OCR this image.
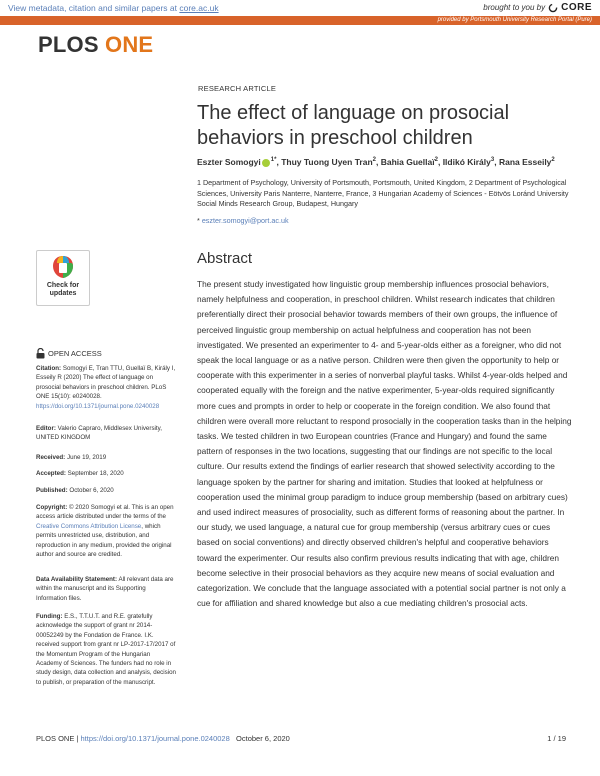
View metadata, citation and similar papers at core.ac.uk	brought to you by CORE
provided by Portsmouth University Research Portal (Pure)
PLOS ONE
RESEARCH ARTICLE
The effect of language on prosocial behaviors in preschool children
Eszter Somogyi $^{1*}$, Thuy Tuong Uyen Tran$^2$, Bahia Guellaï$^2$, Ildikó Király$^3$, Rana Esseily$^2$
1 Department of Psychology, University of Portsmouth, Portsmouth, United Kingdom, 2 Department of Psychological Sciences, University Paris Nanterre, Nanterre, France, 3 Hungarian Academy of Sciences - Eötvös Loránd University Social Minds Research Group, Budapest, Hungary
* eszter.somogyi@port.ac.uk
Abstract

The present study investigated how linguistic group membership influences prosocial behaviors, namely helpfulness and cooperation, in preschool children. Whilst research indicates that children preferentially direct their prosocial behavior towards members of their own groups, the influence of perceived linguistic group membership on actual helpfulness and cooperation has not been investigated. We presented an experimenter to 4- and 5-year-olds either as a foreigner, who did not speak the local language or as a native person. Children were then given the opportunity to help or cooperate with this experimenter in a series of nonverbal playful tasks. Whilst 4-year-olds helped and cooperated equally with the foreign and the native experimenter, 5-year-olds required significantly more cues and prompts in order to help or cooperate in the foreign condition. We also found that children were overall more reluctant to respond prosocially in the cooperation tasks than in the helping tasks. We tested children in two European countries (France and Hungary) and found the same pattern of responses in the two locations, suggesting that our findings are not specific to the local culture. Our results extend the findings of earlier research that showed selectivity according to the language spoken by the partner for sharing and imitation. Studies that looked at helpfulness or cooperation used the minimal group paradigm to induce group membership (based on arbitrary cues) and used indirect measures of prosociality, such as different forms of reasoning about the partner. In our study, we used language, a natural cue for group membership (versus arbitrary cues or cues based on social conventions) and directly observed children's helpful and cooperative behaviors toward the experimenter. Our results also confirm previous results indicating that with age, children become selective in their prosocial behaviors as they acquire new means of social evaluation and categorization. We conclude that the language associated with a potential social partner is not only a cue for affiliation and shared knowledge but also a cue mediating children's prosocial acts.

Check for
updates
OPEN ACCESS
Citation: Somogyi E, Tran TTU, Guellaï B, Király I, Esseily R (2020) The effect of language on prosocial behaviors in preschool children. PLoS ONE 15(10): e0240028. https://doi.org/10.1371/journal.pone.0240028
Editor: Valerio Capraro, Middlesex University, UNITED KINGDOM
Received: June 19, 2019
Accepted: September 18, 2020
Published: October 6, 2020
Copyright: © 2020 Somogyi et al. This is an open access article distributed under the terms of the Creative Commons Attribution License, which permits unrestricted use, distribution, and reproduction in any medium, provided the original author and source are credited.
Data Availability Statement: All relevant data are within the manuscript and its Supporting Information files.
Funding: E.S., T.T.U.T. and R.E. gratefully acknowledge the support of grant nr 2014-00052249 by the Fondation de France. I.K. received support from grant nr LP-2017-17/2017 of the Momentum Program of the Hungarian Academy of Sciences. The funders had no role in study design, data collection and analysis, decision to publish, or preparation of the manuscript.
PLOS ONE | https://doi.org/10.1371/journal.pone.0240028 October 6, 2020	1 / 19
